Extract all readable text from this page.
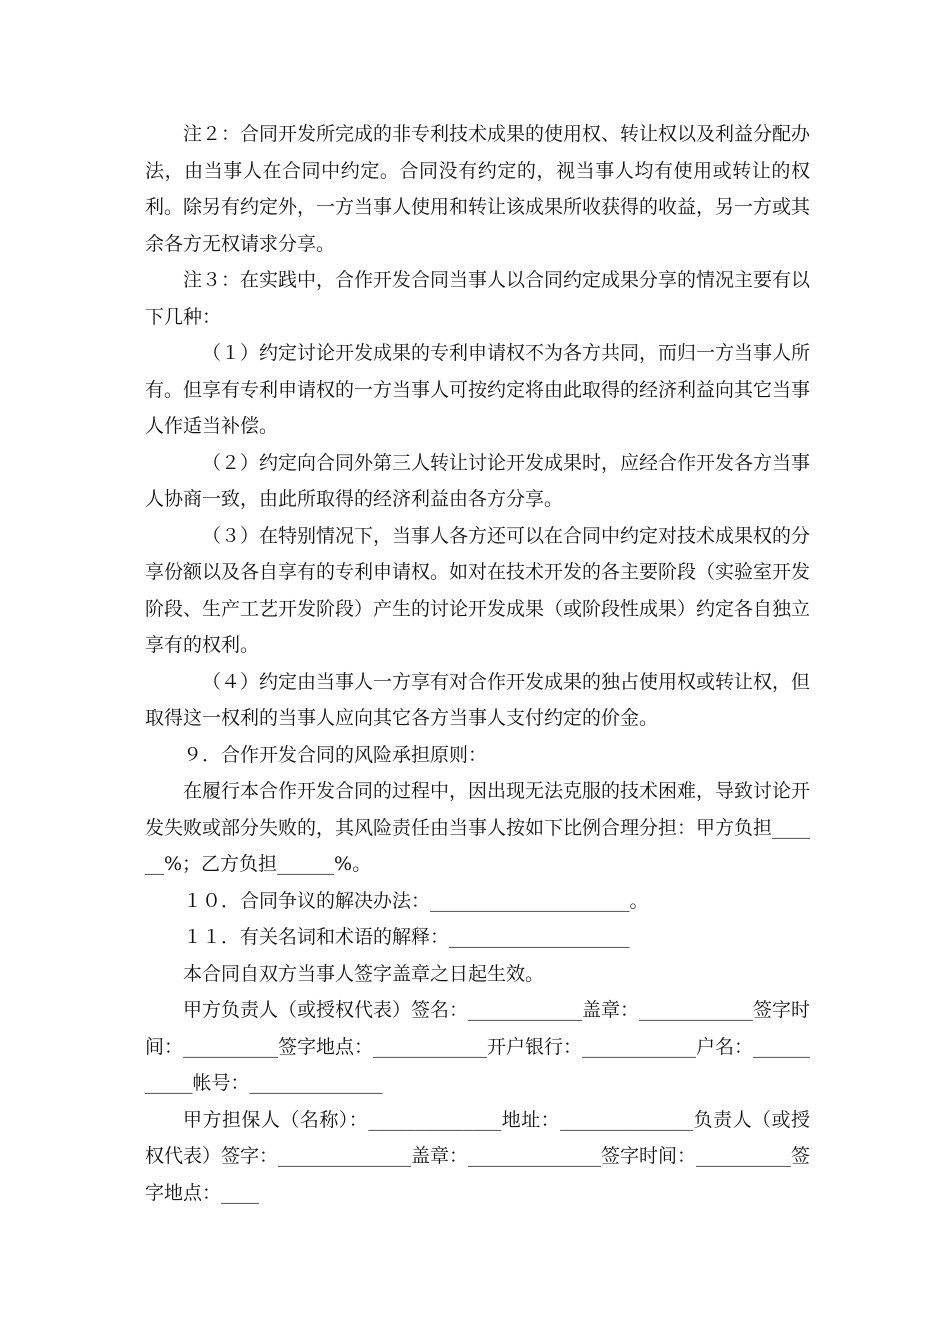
注２：合同开发所完成的非专利技术成果的使用权、转让权以及利益分配办法，由当事人在合同中约定。合同没有约定的，视当事人均有使用或转让的权利。除另有约定外，一方当事人使用和转让该成果所收获得的收益，另一方或其余各方无权请求分享。

注３：在实践中，合作开发合同当事人以合同约定成果分享的情况主要有以下几种：

（１）约定讨论开发成果的专利申请权不为各方共同，而归一方当事人所有。但享有专利申请权的一方当事人可按约定将由此取得的经济利益向其它当事人作适当补偿。

（２）约定向合同外第三人转让讨论开发成果时，应经合作开发各方当事人协商一致，由此所取得的经济利益由各方分享。

（３）在特别情况下，当事人各方还可以在合同中约定对技术成果权的分享份额以及各自享有的专利申请权。如对在技术开发的各主要阶段（实验室开发阶段、生产工艺开发阶段）产生的讨论开发成果（或阶段性成果）约定各自独立享有的权利。

（４）约定由当事人一方享有对合作开发成果的独占使用权或转让权，但取得这一权利的当事人应向其它各方当事人支付约定的价金。

９．合作开发合同的风险承担原则：

在履行本合作开发合同的过程中，因出现无法克服的技术困难，导致讨论开发失败或部分失败的，其风险责任由当事人按如下比例合理分担：甲方负担______%；乙方负担______%。

１０．合同争议的解决办法：_____________________。

１１．有关名词和术语的解释：___________________

本合同自双方当事人签字盖章之日起生效。

甲方负责人（或授权代表）签名：____________盖章：____________签字时间：__________签字地点：____________开户银行：____________户名：___________帐号：______________

甲方担保人（名称）：______________地址：______________负责人（或授权代表）签字：______________盖章：______________签字时间：__________签字地点：____
